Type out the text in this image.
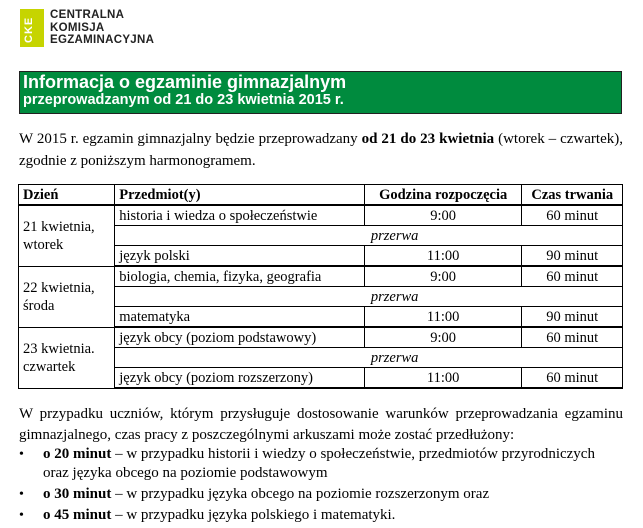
CKE
CENTRALNA
KOMISJA
EGZAMINACYJNA
Informacja o egzaminie gimnazjalnym
przeprowadzanym od 21 do 23 kwietnia 2015 r.

W 2015 r. egzamin gimnazjalny będzie przeprowadzany od 21 do 23 kwietnia (wtorek – czwartek), zgodnie z poniższym harmonogramem.

Dzień	Przedmiot(y)	Godzina rozpoczęcia	Czas trwania
21 kwietnia, wtorek	historia i wiedza o społeczeństwie	9:00	60 minut
	przerwa		
	język polski	11:00	90 minut
22 kwietnia, środa	biologia, chemia, fizyka, geografia	9:00	60 minut
	przerwa		
	matematyka	11:00	90 minut
23 kwietnia. czwartek	język obcy (poziom podstawowy)	9:00	60 minut
	przerwa		
	język obcy (poziom rozszerzony)	11:00	60 minut

W przypadku uczniów, którym przysługuje dostosowanie warunków przeprowadzania egzaminu gimnazjalnego, czas pracy z poszczególnymi arkuszami może zostać przedłużony:

• o 20 minut – w przypadku historii i wiedzy o społeczeństwie, przedmiotów przyrodniczych oraz języka obcego na poziomie podstawowym
• o 30 minut – w przypadku języka obcego na poziomie rozszerzonym oraz
• o 45 minut – w przypadku języka polskiego i matematyki.
